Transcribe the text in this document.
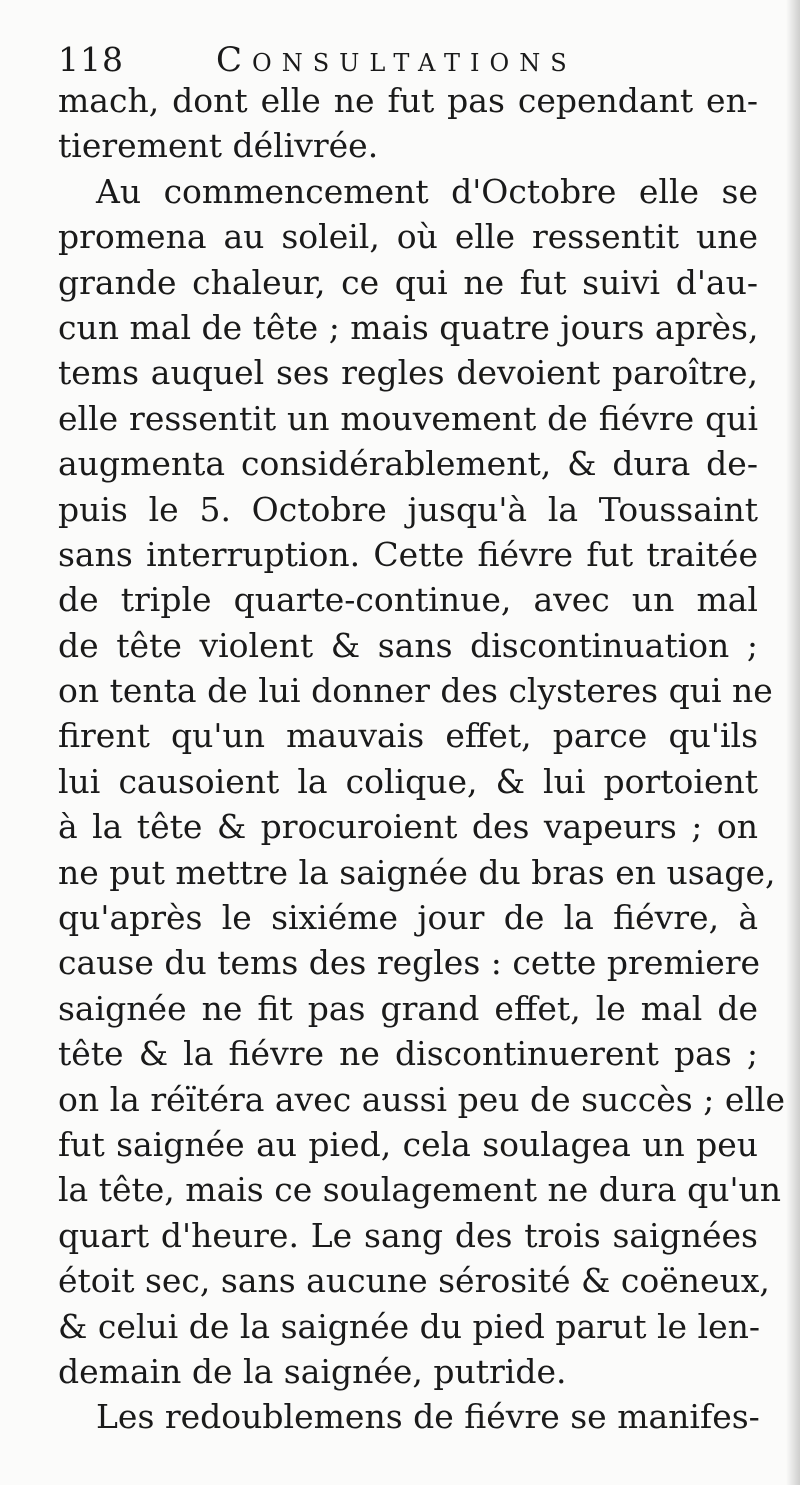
118	Consultations
mach, dont elle ne fut pas cependant en-
tierement délivrée.
Au commencement d'Octobre elle se
promena au soleil, où elle ressentit une
grande chaleur, ce qui ne fut suivi d'au-
cun mal de tête ; mais quatre jours après,
tems auquel ses regles devoient paroître,
elle ressentit un mouvement de fiévre qui
augmenta considérablement, & dura de-
puis le 5. Octobre jusqu'à la Toussaint
sans interruption. Cette fiévre fut traitée
de triple quarte-continue, avec un mal
de tête violent & sans discontinuation ;
on tenta de lui donner des clysteres qui ne
firent qu'un mauvais effet, parce qu'ils
lui causoient la colique, & lui portoient
à la tête & procuroient des vapeurs ; on
ne put mettre la saignée du bras en usage,
qu'après le sixiéme jour de la fiévre, à
cause du tems des regles : cette premiere
saignée ne fit pas grand effet, le mal de
tête & la fiévre ne discontinuerent pas ;
on la réïtéra avec aussi peu de succès ; elle
fut saignée au pied, cela soulagea un peu
la tête, mais ce soulagement ne dura qu'un
quart d'heure. Le sang des trois saignées
étoit sec, sans aucune sérosité & coëneux,
& celui de la saignée du pied parut le len-
demain de la saignée, putride.
Les redoublemens de fiévre se manifes-
